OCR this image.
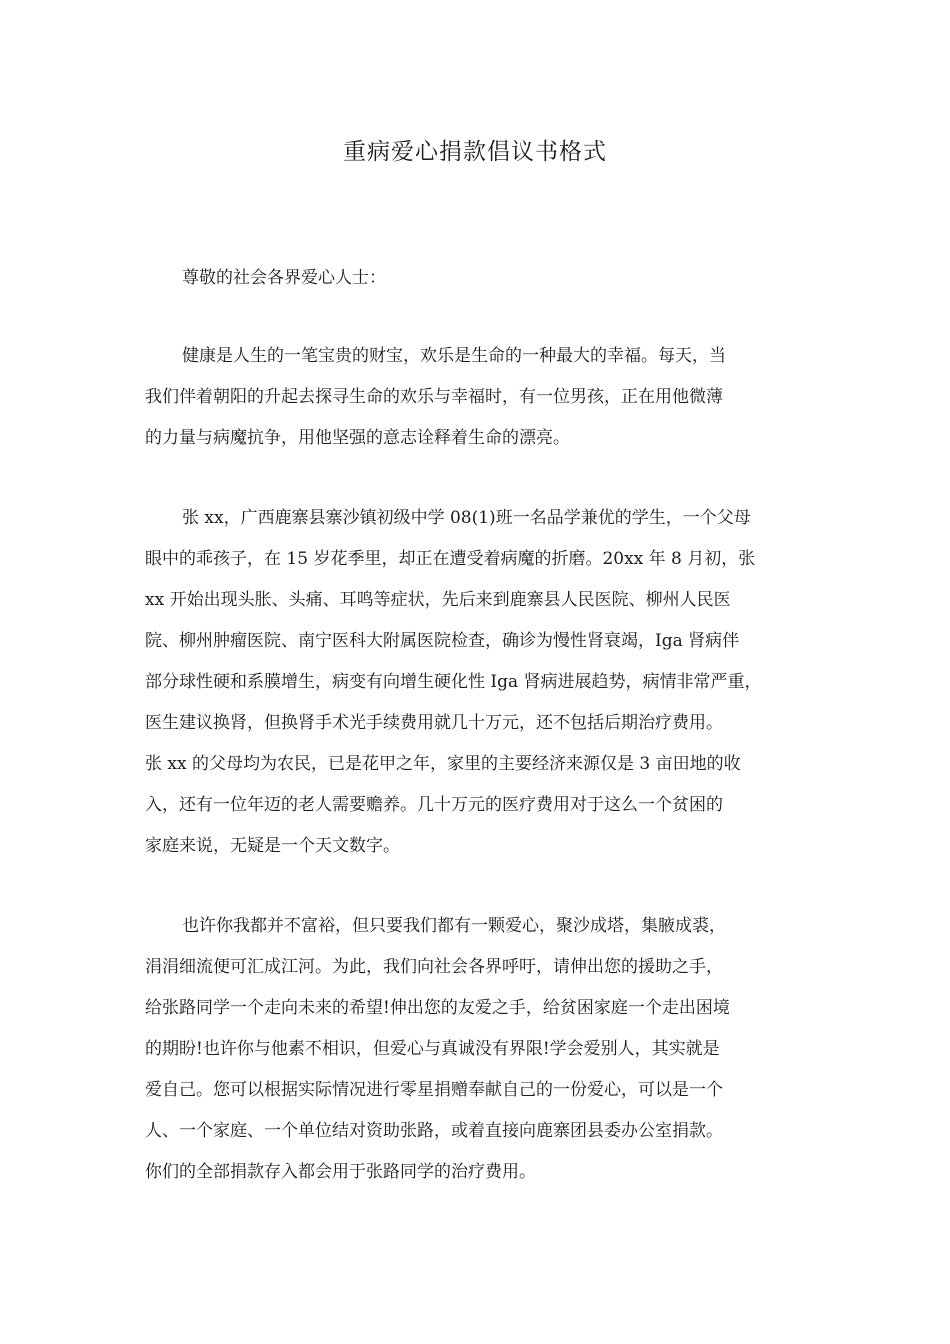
重病爱心捐款倡议书格式
尊敬的社会各界爱心人士：
健康是人生的一笔宝贵的财宝，欢乐是生命的一种最大的幸福。每天，当
我们伴着朝阳的升起去探寻生命的欢乐与幸福时，有一位男孩，正在用他微薄
的力量与病魔抗争，用他坚强的意志诠释着生命的漂亮。
张 xx，广西鹿寨县寨沙镇初级中学 08(1)班一名品学兼优的学生，一个父母
眼中的乖孩子，在 15 岁花季里，却正在遭受着病魔的折磨。20xx 年 8 月初，张
xx 开始出现头胀、头痛、耳鸣等症状，先后来到鹿寨县人民医院、柳州人民医
院、柳州肿瘤医院、南宁医科大附属医院检查，确诊为慢性肾衰竭，Iga 肾病伴
部分球性硬和系膜增生，病变有向增生硬化性 Iga 肾病进展趋势，病情非常严重，
医生建议换肾，但换肾手术光手续费用就几十万元，还不包括后期治疗费用。
张 xx 的父母均为农民，已是花甲之年，家里的主要经济来源仅是 3 亩田地的收
入，还有一位年迈的老人需要赡养。几十万元的医疗费用对于这么一个贫困的
家庭来说，无疑是一个天文数字。
也许你我都并不富裕，但只要我们都有一颗爱心，聚沙成塔，集腋成裘，
涓涓细流便可汇成江河。为此，我们向社会各界呼吁，请伸出您的援助之手，
给张路同学一个走向未来的希望!伸出您的友爱之手，给贫困家庭一个走出困境
的期盼!也许你与他素不相识，但爱心与真诚没有界限!学会爱别人，其实就是
爱自己。您可以根据实际情况进行零星捐赠奉献自己的一份爱心，可以是一个
人、一个家庭、一个单位结对资助张路，或着直接向鹿寨团县委办公室捐款。
你们的全部捐款存入都会用于张路同学的治疗费用。
